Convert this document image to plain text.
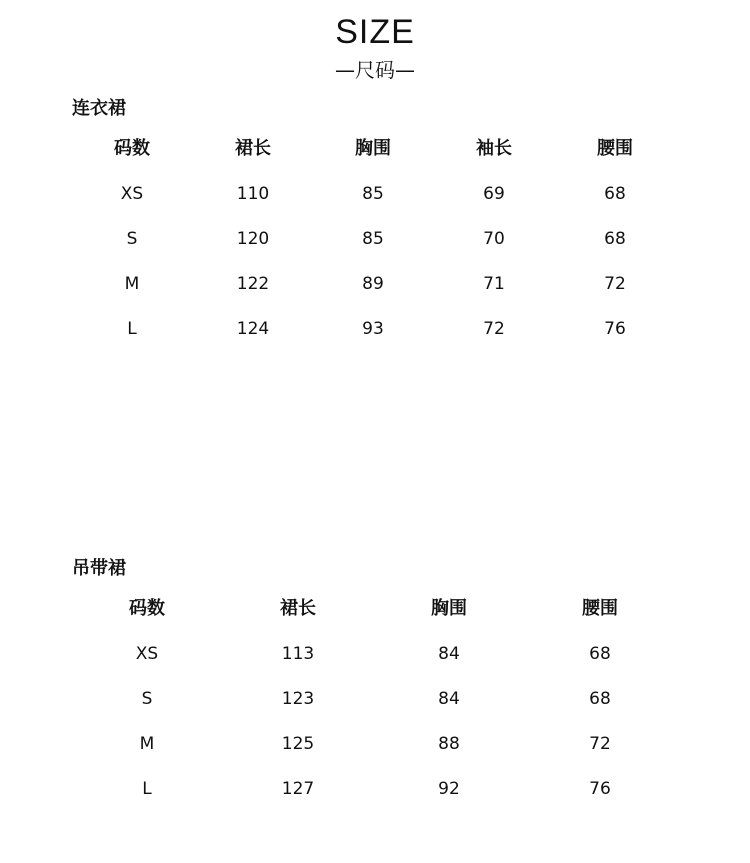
SIZE
—尺码—
连衣裙
码数	裙长	胸围	袖长	腰围
XS	110	85	69	68
S	120	85	70	68
M	122	89	71	72
L	124	93	72	76
吊带裙
码数	裙长	胸围	腰围
XS	113	84	68
S	123	84	68
M	125	88	72
L	127	92	76
